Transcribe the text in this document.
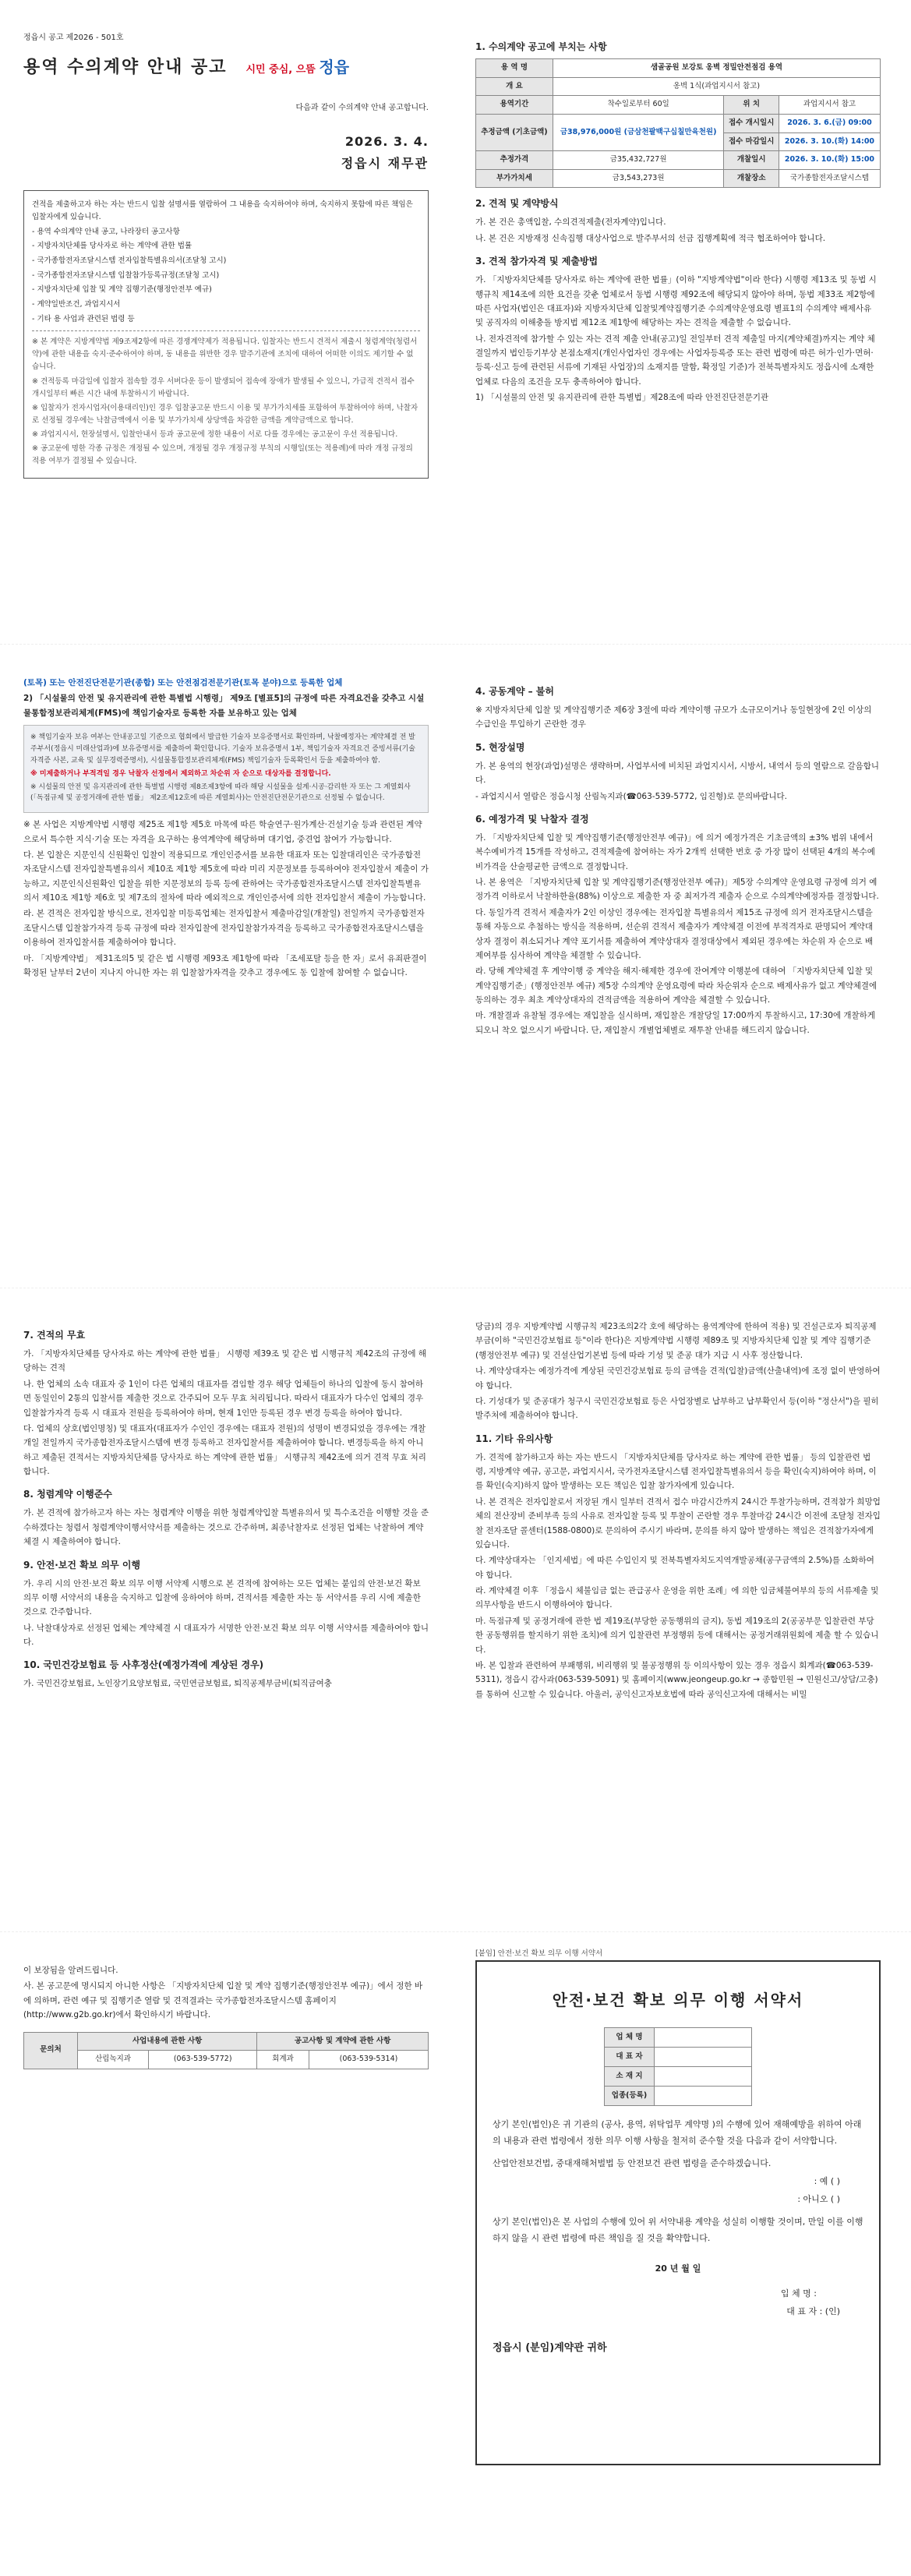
정읍시 공고 제2026 - 501호
용역 수의계약 안내 공고 시민 중심, 으뜸 정읍
다음과 같이 수의계약 안내 공고합니다.
2026. 3. 4.
정읍시 재무관

견적을 제출하고자 하는 자는 반드시 입찰 설명서를 열람하여 그 내용을 숙지하여야 하며, 숙지하지 못함에 따른 책임은 입찰자에게 있습니다.

- 용역 수의계약 안내 공고, 나라장터 공고사항

- 지방자치단체를 당사자로 하는 계약에 관한 법률

- 국가종합전자조달시스템 전자입찰특별유의서(조달청 고시)

- 국가종합전자조달시스템 입찰참가등록규정(조달청 고시)

- 지방자치단체 입찰 및 계약 집행기준(행정안전부 예규)

- 계약일반조건, 과업지시서

- 기타 용 사업과 관련된 법령 등

※ 본 계약은 지방계약법 제9조제2항에 따른 경쟁계약제가 적용됩니다. 입찰자는 반드시 견적서 제출시 청렴계약(청렴서약)에 관한 내용을 숙지·준수하여야 하며, 동 내용을 위반한 경우 발주기관에 조치에 대하여 어떠한 이의도 제기할 수 없습니다.

※ 견적등록 마감일에 입찰자 접속할 경우 서버다운 등이 발생되어 접속에 장애가 발생될 수 있으니, 가급적 견적서 접수개시일부터 빠른 시간 내에 투찰하시기 바랍니다.

※ 입찰자가 전자시업자(이용대리인)인 경우 입찰공고문 반드시 이용 및 부가가치세를 포함하여 투찰하여야 하며, 낙찰자로 선정될 경우에는 낙찰금액에서 이용 및 부가가치세 상당액을 차감한 금액을 계약금액으로 합니다.

※ 과업지시서, 현장설명서, 입찰안내서 등과 공고문에 정한 내용이 서로 다를 경우에는 공고문이 우선 적용됩니다.

※ 공고문에 명한 각종 규정은 개정될 수 있으며, 개정될 경우 개정규정 부칙의 시행일(또는 적용례)에 따라 개정 규정의 적용 여부가 결정될 수 있습니다.

1. 수의계약 공고에 부치는 사항
용 역 명	샘골공원 보강토 옹벽 정밀안전점검 용역		
개 요	옹벽 1식(과업지시서 참고)		
용역기간	착수일로부터 60일	위 치	과업지시서 참고
추정금액 (기초금액)	금38,976,000원 (금삼천팔백구십칠만육천원)	접수 개시일시	2026. 3. 6.(금) 09:00
		접수 마감일시	2026. 3. 10.(화) 14:00
추정가격	금35,432,727원	개찰일시	2026. 3. 10.(화) 15:00
부가가치세	금3,543,273원	개찰장소	국가종합전자조달시스템
2. 견적 및 계약방식

가. 본 건은 총액입찰, 수의견적제출(전자계약)입니다.

나. 본 건은 지방재정 신속집행 대상사업으로 발주부서의 선금 집행계획에 적극 협조하여야 합니다.

3. 견적 참가자격 및 제출방법

가. 「지방자치단체를 당사자로 하는 계약에 관한 법률」(이하 "지방계약법"이라 한다) 시행령 제13조 및 동법 시행규칙 제14조에 의한 요건을 갖춘 업체로서 동법 시행령 제92조에 해당되지 않아야 하며, 동법 제33조 제2항에 따른 사업자(법인은 대표자)와 지방자치단체 입찰및계약집행기준 수의계약운영요령 별표1의 수의계약 배제사유 및 공직자의 이해충돌 방지법 제12조 제1항에 해당하는 자는 견적을 제출할 수 없습니다.

나. 전자견적에 참가할 수 있는 자는 견적 제출 안내(공고)일 전일부터 견적 제출일 마지(계약체결)까지는 계약 체결일까지 법인등기부상 본점소재지(개인사업자인 경우에는 사업자등록증 또는 관련 법령에 따른 허가·인가·면허·등록·신고 등에 관련된 서류에 기재된 사업장)의 소재지를 말함, 확정일 기준)가 전북특별자치도 정읍시에 소재한 업체로 다음의 조건을 모두 충족하여야 합니다.

1) 「시설물의 안전 및 유지관리에 관한 특별법」제28조에 따라 안전진단전문기관

(토목) 또는 안전진단전문기관(종합) 또는 안전점검전문기관(토목 분야)으로 등록한 업체

2) 「시설물의 안전 및 유지관리에 관한 특별법 시행령」 제9조 [별표5]의 규정에 따른 자격요건을 갖추고 시설물통합정보관리체계(FMS)에 책임기술자로 등록한 자를 보유하고 있는 업체

※ 책임기술자 보유 여부는 안내공고일 기준으로 협회에서 발급한 기술자 보유증명서로 확인하며, 낙찰예정자는 계약체결 전 발주부서(정읍시 미래산업과)에 보유증명서를 제출하여 확인합니다. 기술자 보유증명서 1부, 책임기술자 자격요건 증빙서류(기술자격증 사본, 교육 및 실무경력증명서), 시설물통합정보관리체계(FMS) 책임기술자 등록확인서 등을 제출하여야 함.

※ 미제출하거나 부적격일 경우 낙찰자 선정에서 제외하고 차순위 자 순으로 대상자를 결정합니다.

※ 시설물의 안전 및 유지관리에 관한 특별법 시행령 제8조제3항에 따라 해당 시설물을 설계·시공·감리한 자 또는 그 계열회사(「독점규제 및 공정거래에 관한 법률」 제2조제12호에 따른 계열회사)는 안전진단전문기관으로 선정될 수 없습니다.

※ 본 사업은 지방계약법 시행령 제25조 제1항 제5호 마목에 따른 학술연구·원가계산·건설기술 등과 관련된 계약으로서 특수한 지식·기술 또는 자격을 요구하는 용역계약에 해당하며 대기업, 중견업 참여가 가능합니다.

다. 본 입찰은 지문인식 신원확인 입찰이 적용되므로 개인인증서를 보유한 대표자 또는 입찰대리인은 국가종합전자조달시스템 전자입찰특별유의서 제10조 제1항 제5호에 따라 미리 지문정보를 등록하여야 전자입찰서 제출이 가능하고, 지문인식신원확인 입찰을 위한 지문정보의 등록 등에 관하여는 국가종합전자조달시스템 전자입찰특별유의서 제10조 제1항 제6호 및 제7조의 절차에 따라 예외적으로 개인인증서에 의한 전자입찰서 제출이 가능합니다.

라. 본 견적은 전자입찰 방식으로, 전자입찰 미등록업체는 전자입찰서 제출마감일(개찰일) 전일까지 국가종합전자조달시스템 입찰참가자격 등록 규정에 따라 전자입찰에 전자입찰참가자격을 등록하고 국가종합전자조달시스템을 이용하여 전자입찰서를 제출하여야 합니다.

마. 「지방계약법」 제31조의5 및 같은 법 시행령 제93조 제1항에 따라 「조세포탈 등을 한 자」로서 유죄판결이 확정된 날부터 2년이 지나지 아니한 자는 위 입찰참가자격을 갖추고 경우에도 동 입찰에 참여할 수 없습니다.

4. 공동계약 – 불허

※ 지방자치단체 입찰 및 계약집행기준 제6장 3절에 따라 계약이행 규모가 소규모이거나 동일현장에 2인 이상의 수급인을 투입하기 곤란한 경우

5. 현장설명

가. 본 용역의 현장(과업)설명은 생략하며, 사업부서에 비치된 과업지시서, 시방서, 내역서 등의 열람으로 갈음합니다.

- 과업지시서 열람은 정읍시청 산림녹지과(☎063-539-5772, 임진형)로 문의바랍니다.

6. 예정가격 및 낙찰자 결정

가. 「지방자치단체 입찰 및 계약집행기준(행정안전부 예규)」에 의거 예정가격은 기초금액의 ±3% 범위 내에서 복수예비가격 15개를 작성하고, 견적제출에 참여하는 자가 2개씩 선택한 번호 중 가장 많이 선택된 4개의 복수예비가격을 산술평균한 금액으로 결정합니다.

나. 본 용역은 「지방자치단체 입찰 및 계약집행기준(행정안전부 예규)」제5장 수의계약 운영요령 규정에 의거 예정가격 이하로서 낙찰하한율(88%) 이상으로 제출한 자 중 최저가격 제출자 순으로 수의계약예정자를 결정합니다.

다. 동일가격 견적서 제출자가 2인 이상인 경우에는 전자입찰 특별유의서 제15조 규정에 의거 전자조달시스템을 통해 자동으로 추첨하는 방식을 적용하며, 선순위 견적서 제출자가 계약체결 이전에 부적격자로 판명되어 계약대상자 결정이 취소되거나 계약 포기서를 제출하여 계약상대자 결정대상에서 제외된 경우에는 차순위 자 순으로 배제여부를 심사하여 계약을 체결할 수 있습니다.

라. 당해 계약체결 후 계약이행 중 계약을 해지·해제한 경우에 잔여계약 이행분에 대하여 「지방자치단체 입찰 및 계약집행기준」(행정안전부 예규) 제5장 수의계약 운영요령에 따라 차순위자 순으로 배제사유가 없고 계약체결에 동의하는 경우 최초 계약상대자의 견적금액을 적용하여 계약을 체결할 수 있습니다.

마. 개찰결과 유찰될 경우에는 재입찰을 실시하며, 재입찰은 개찰당일 17:00까지 투찰하시고, 17:30에 개찰하게 되오니 착오 없으시기 바랍니다. 단, 재입찰시 개별업체별로 재투찰 안내를 해드리지 않습니다.

7. 견적의 무효

가. 「지방자치단체를 당사자로 하는 계약에 관한 법률」 시행령 제39조 및 같은 법 시행규칙 제42조의 규정에 해당하는 견적

나. 한 업체의 소속 대표자 중 1인이 다른 업체의 대표자를 겸임할 경우 해당 업체들이 하나의 입찰에 동시 참여하면 동일인이 2통의 입찰서를 제출한 것으로 간주되어 모두 무효 처리됩니다. 따라서 대표자가 다수인 업체의 경우 입찰참가자격 등록 시 대표자 전원을 등록하여야 하며, 현재 1인만 등록된 경우 변경 등록을 하여야 합니다.

다. 업체의 상호(법인명칭) 및 대표자(대표자가 수인인 경우에는 대표자 전원)의 성명이 변경되었을 경우에는 개찰개일 전일까지 국가종합전자조달시스템에 변경 등록하고 전자입찰서를 제출하여야 합니다. 변경등록을 하지 아니하고 제출된 견적서는 지방자치단체를 당사자로 하는 계약에 관한 법률」 시행규칙 제42조에 의거 견적 무효 처리합니다.

8. 청렴계약 이행준수

가. 본 견적에 참가하고자 하는 자는 청렴계약 이행을 위한 청렴계약입찰 특별유의서 및 특수조건을 이행할 것을 준수하겠다는 청렴서 청렴계약이행서약서를 제출하는 것으로 간주하며, 최종낙찰자로 선정된 업체는 낙찰하여 계약체결 시 제출하여야 합니다.

9. 안전·보건 확보 의무 이행

가. 우리 시의 안전·보건 확보 의무 이행 서약제 시행으로 본 견적에 참여하는 모든 업체는 붙임의 안전·보건 확보 의무 이행 서약서의 내용을 숙지하고 입찰에 응하여야 하며, 견적서를 제출한 자는 동 서약서를 우리 시에 제출한 것으로 간주합니다.

나. 낙찰대상자로 선정된 업체는 계약체결 시 대표자가 서명한 안전·보건 확보 의무 이행 서약서를 제출하여야 합니다.

10. 국민건강보험료 등 사후정산(예정가격에 계상된 경우)

가. 국민건강보험료, 노인장기요양보험료, 국민연금보험료, 퇴직공제부금비(퇴직금여충

당금)의 경우 지방계약법 시행규칙 제23조의2각 호에 해당하는 용역계약에 한하여 적용) 및 건설근로자 퇴직공제부금(이하 "국민건강보험료 등"이라 한다)은 지방계약법 시행령 제89조 및 지방자치단체 입찰 및 계약 집행기준(행정안전부 예규) 및 건설산업기본법 등에 따라 기성 및 준공 대가 지급 시 사후 정산합니다.

나. 계약상대자는 예정가격에 계상된 국민건강보험료 등의 금액을 견적(입찰)금액(산출내역)에 조정 없이 반영하여야 합니다.

다. 기성대가 및 준공대가 청구시 국민건강보험료 등은 사업장별로 납부하고 납부확인서 등(이하 "정산서")을 필히 발주처에 제출하여야 합니다.

11. 기타 유의사항

가. 견적에 참가하고자 하는 자는 반드시 「지방자치단체를 당사자로 하는 계약에 관한 법률」 등의 입찰관련 법령, 지방계약 예규, 공고문, 과업지시서, 국가전자조달시스템 전자입찰특별유의서 등을 확인(숙지)하여야 하며, 이를 확인(숙지)하지 않아 발생하는 모든 책임은 입찰 참가자에게 있습니다.

나. 본 견적은 전자입찰로서 저장된 개시 일부터 견적서 접수 마감시간까지 24시간 투찰가능하며, 견적참가 희망업체의 전산장비 준비부족 등의 사유로 전자입찰 등록 및 투찰이 곤란할 경우 투찰마감 24시간 이전에 조달청 전자입찰 전자조달 콜센터(1588-0800)로 문의하여 주시기 바라며, 문의를 하지 않아 발생하는 책임은 견적참가자에게 있습니다.

다. 계약상대자는 「인지세법」에 따른 수입인지 및 전북특별자치도지역개발공채(공구금액의 2.5%)를 소화하여야 합니다.

라. 계약체결 이후 「정읍시 체불임금 없는 관급공사 운영을 위한 조례」에 의한 임금체불여부의 등의 서류제출 및 의무사항을 반드시 이행하여야 합니다.

마. 독점규제 및 공정거래에 관한 법 제19조(부당한 공동행위의 금지), 동법 제19조의 2(공공부문 입찰관련 부당한 공동행위를 할지하기 위한 조치)에 의거 입찰관련 부정행위 등에 대해서는 공정거래위원회에 제출 할 수 있습니다.

바. 본 입찰과 관련하여 부패행위, 비리행위 및 불공정행위 등 이의사항이 있는 경우 정읍시 회계과(☎063-539-5311), 정읍시 감사과(063-539-5091) 및 홈페이지(www.jeongeup.go.kr → 종합민원 → 민원신고/상담/고충)를 통하여 신고할 수 있습니다. 아울러, 공익신고자보호법에 따라 공익신고자에 대해서는 비밀

이 보장됨을 알려드립니다.

사. 본 공고문에 명시되지 아니한 사항은 「지방자치단체 입찰 및 계약 집행기준(행정안전부 예규)」에서 정한 바에 의하며, 관련 예규 및 집행기준 열람 및 견적결과는 국가종합전자조달시스템 홈페이지(http://www.g2b.go.kr)에서 확인하시기 바랍니다.

문의처	사업내용에 관한 사항		공고사항 및 계약에 관한 사항	
	산림녹지과	(063-539-5772)	회계과	(063-539-5314)
[붙임] 안전·보건 확보 의무 이행 서약서
안전·보건 확보 의무 이행 서약서
업 체 명	
대 표 자	
소 재 지	
업종(등록)	

상기 본인(법인)은 귀 기관의 (공사, 용역, 위탁업무 계약명 )의 수행에 있어 재해예방을 위하여 아래의 내용과 관련 법령에서 정한 의무 이행 사항을 철저히 준수할 것을 다음과 같이 서약합니다.

산업안전보건법, 중대재해처벌법 등 안전보건 관련 법령을 준수하겠습니다.

: 예 ( )

: 아니오 ( )

상기 본인(법인)은 본 사업의 수행에 있어 위 서약내용 계약을 성실히 이행할 것이며, 만일 이를 이행하지 않을 시 관련 법령에 따른 책임을 질 것을 확약합니다.

20 년 월 일

입 체 명 :

대 표 자 : (인)

정읍시 (분임)계약관 귀하
